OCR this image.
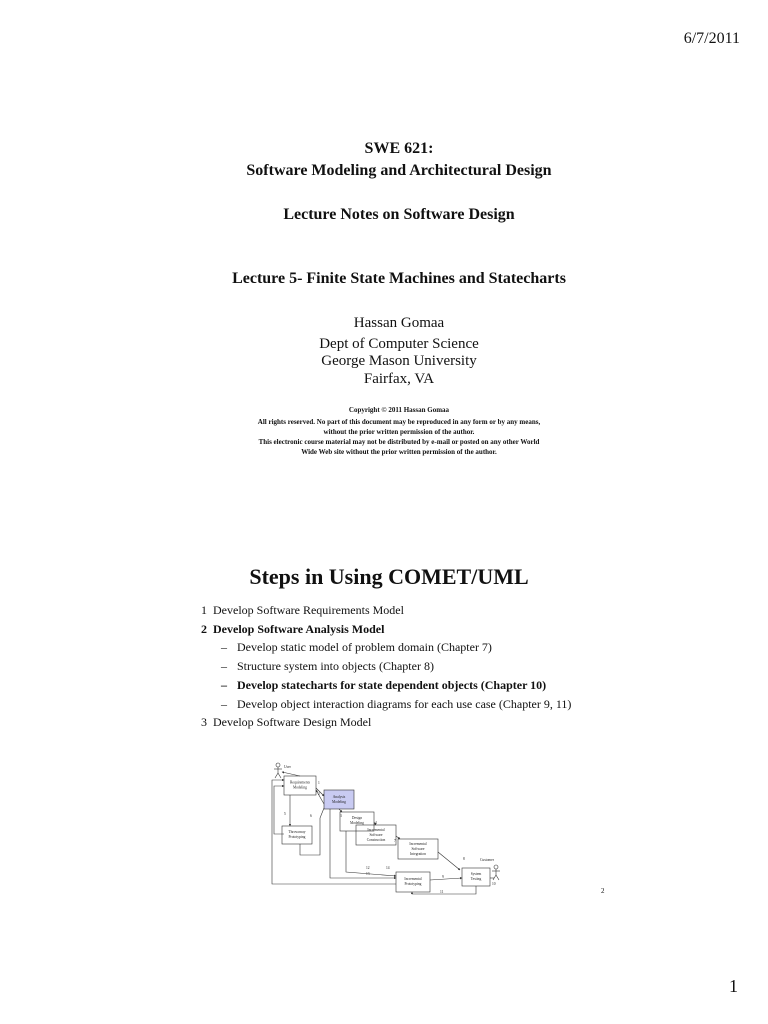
6/7/2011
SWE 621:
Software Modeling and Architectural Design
Lecture Notes on Software Design
Lecture 5- Finite State Machines and Statecharts
Hassan Gomaa
Dept of Computer Science
George Mason University
Fairfax, VA
Copyright © 2011 Hassan Gomaa
All rights reserved. No part of this document may be reproduced in any form or by any means,
without the prior written permission of the author.
This electronic course material may not be distributed by e-mail or posted on any other World
Wide Web site without the prior written permission of the author.
Steps in Using COMET/UML
1 Develop Software Requirements Model
2 Develop Software Analysis Model
– Develop static model of problem domain (Chapter 7)
– Structure system into objects (Chapter 8)
– Develop statecharts for state dependent objects (Chapter 10)
– Develop object interaction diagrams for each use case (Chapter 9, 11)
3 Develop Software Design Model
User
Customer
Requirements
Modeling
Analysis
Modeling
Design
Modeling
Incremental
Software
Construction
Incremental
Software
Integration
Throwaway
Prototyping
Incremental
Prototyping
System
Testing
1
2
3
4
5	6
7
8
9
10
11
12
13
14
2
1
